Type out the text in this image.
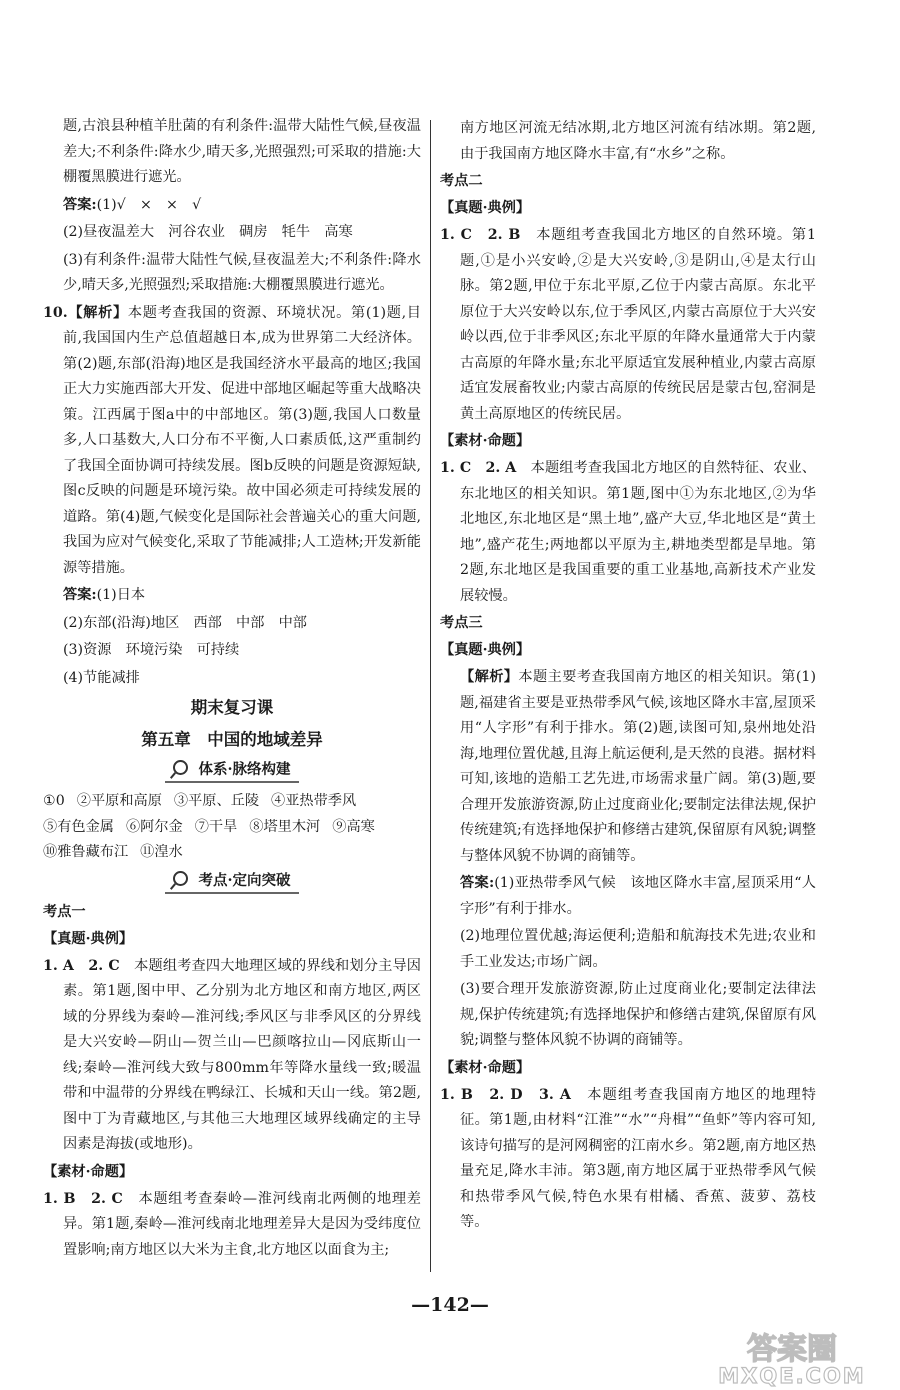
题,古浪县种植羊肚菌的有利条件:温带大陆性气候,昼夜温差大;不利条件:降水少,晴天多,光照强烈;可采取的措施:大棚覆黑膜进行遮光。

答案:(1)√　×　×　√

(2)昼夜温差大　河谷农业　碉房　牦牛　高寒

(3)有利条件:温带大陆性气候,昼夜温差大;不利条件:降水少,晴天多,光照强烈;采取措施:大棚覆黑膜进行遮光。

10.【解析】本题考查我国的资源、环境状况。第(1)题,目前,我国国内生产总值超越日本,成为世界第二大经济体。第(2)题,东部(沿海)地区是我国经济水平最高的地区;我国正大力实施西部大开发、促进中部地区崛起等重大战略决策。江西属于图a中的中部地区。第(3)题,我国人口数量多,人口基数大,人口分布不平衡,人口素质低,这严重制约了我国全面协调可持续发展。图b反映的问题是资源短缺,图c反映的问题是环境污染。故中国必须走可持续发展的道路。第(4)题,气候变化是国际社会普遍关心的重大问题,我国为应对气候变化,采取了节能减排;人工造林;开发新能源等措施。

答案:(1)日本

(2)东部(沿海)地区　西部　中部　中部

(3)资源　环境污染　可持续

(4)节能减排

期末复习课
第五章　中国的地域差异
体系·脉络构建
①0 ②平原和高原 ③平原、丘陵 ④亚热带季风
⑤有色金属 ⑥阿尔金 ⑦干旱 ⑧塔里木河 ⑨高寒
⑩雅鲁藏布江 ⑪湟水
考点·定向突破
考点一
【真题·典例】

1. A　2. C　本题组考查四大地理区域的界线和划分主导因素。第1题,图中甲、乙分别为北方地区和南方地区,两区域的分界线为秦岭—淮河线;季风区与非季风区的分界线是大兴安岭—阴山—贺兰山—巴颜喀拉山—冈底斯山一线;秦岭—淮河线大致与800mm年等降水量线一致;暖温带和中温带的分界线在鸭绿江、长城和天山一线。第2题,图中丁为青藏地区,与其他三大地理区域界线确定的主导因素是海拔(或地形)。

【素材·命题】

1. B　2. C　本题组考查秦岭—淮河线南北两侧的地理差异。第1题,秦岭—淮河线南北地理差异大是因为受纬度位置影响;南方地区以大米为主食,北方地区以面食为主;

南方地区河流无结冰期,北方地区河流有结冰期。第2题,由于我国南方地区降水丰富,有“水乡”之称。

考点二
【真题·典例】

1. C　2. B　本题组考查我国北方地区的自然环境。第1题,①是小兴安岭,②是大兴安岭,③是阴山,④是太行山脉。第2题,甲位于东北平原,乙位于内蒙古高原。东北平原位于大兴安岭以东,位于季风区,内蒙古高原位于大兴安岭以西,位于非季风区;东北平原的年降水量通常大于内蒙古高原的年降水量;东北平原适宜发展种植业,内蒙古高原适宜发展畜牧业;内蒙古高原的传统民居是蒙古包,窑洞是黄土高原地区的传统民居。

【素材·命题】

1. C　2. A　本题组考查我国北方地区的自然特征、农业、东北地区的相关知识。第1题,图中①为东北地区,②为华北地区,东北地区是“黑土地”,盛产大豆,华北地区是“黄土地”,盛产花生;两地都以平原为主,耕地类型都是旱地。第2题,东北地区是我国重要的重工业基地,高新技术产业发展较慢。

考点三
【真题·典例】

【解析】本题主要考查我国南方地区的相关知识。第(1)题,福建省主要是亚热带季风气候,该地区降水丰富,屋顶采用“人字形”有利于排水。第(2)题,读图可知,泉州地处沿海,地理位置优越,且海上航运便利,是天然的良港。据材料可知,该地的造船工艺先进,市场需求量广阔。第(3)题,要合理开发旅游资源,防止过度商业化;要制定法律法规,保护传统建筑;有选择地保护和修缮古建筑,保留原有风貌;调整与整体风貌不协调的商铺等。

答案:(1)亚热带季风气候　该地区降水丰富,屋顶采用“人字形”有利于排水。

(2)地理位置优越;海运便利;造船和航海技术先进;农业和手工业发达;市场广阔。

(3)要合理开发旅游资源,防止过度商业化;要制定法律法规,保护传统建筑;有选择地保护和修缮古建筑,保留原有风貌;调整与整体风貌不协调的商铺等。

【素材·命题】

1. B　2. D　3. A　本题组考查我国南方地区的地理特征。第1题,由材料“江淮”“水”“舟楫”“鱼虾”等内容可知,该诗句描写的是河网稠密的江南水乡。第2题,南方地区热量充足,降水丰沛。第3题,南方地区属于亚热带季风气候和热带季风气候,特色水果有柑橘、香蕉、菠萝、荔枝等。

—142—
答案圈
MXQE.COM
